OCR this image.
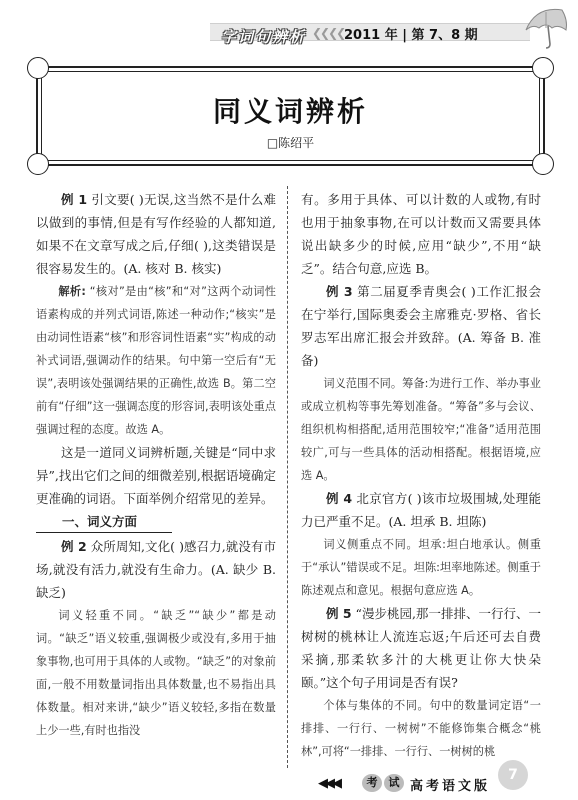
字词句辨析 ❮❮❮❮ 2011 年 | 第 7、8 期
同义词辨析
□陈绍平

例 1 引文要( )无误,这当然不是什么难以做到的事情,但是有写作经验的人都知道,如果不在文章写成之后,仔细( ),这类错误是很容易发生的。(A. 核对 B. 核实)

解析: “核对”是由“核”和“对”这两个动词性语素构成的并列式词语,陈述一种动作;“核实”是由动词性语素“核”和形容词性语素“实”构成的动补式词语,强调动作的结果。句中第一空后有“无误”,表明该处强调结果的正确性,故选 B。第二空前有“仔细”这一强调态度的形容词,表明该处重点强调过程的态度。故选 A。

这是一道同义词辨析题,关键是“同中求异”,找出它们之间的细微差别,根据语境确定更准确的词语。下面举例介绍常见的差异。

一、词义方面

例 2 众所周知,文化( )感召力,就没有市场,就没有活力,就没有生命力。(A. 缺少 B. 缺乏)

词义轻重不同。“缺乏”“缺少”都是动词。“缺乏”语义较重,强调极少或没有,多用于抽象事物,也可用于具体的人或物。“缺乏”的对象前面,一般不用数量词指出具体数量,也不易指出具体数量。相对来讲,“缺少”语义较轻,多指在数量上少一些,有时也指没

有。多用于具体、可以计数的人或物,有时也用于抽象事物,在可以计数而又需要具体说出缺多少的时候,应用“缺少”,不用“缺乏”。结合句意,应选 B。

例 3 第二届夏季青奥会( )工作汇报会在宁举行,国际奥委会主席雅克·罗格、省长罗志军出席汇报会并致辞。(A. 筹备 B. 准备)

词义范围不同。筹备:为进行工作、举办事业或成立机构等事先筹划准备。“筹备”多与会议、组织机构相搭配,适用范围较窄;“准备”适用范围较广,可与一些具体的活动相搭配。根据语境,应选 A。

例 4 北京官方( )该市垃圾围城,处理能力已严重不足。(A. 坦承 B. 坦陈)

词义侧重点不同。坦承:坦白地承认。侧重于“承认”错误或不足。坦陈:坦率地陈述。侧重于陈述观点和意见。根据句意应选 A。

例 5 “漫步桃园,那一排排、一行行、一树树的桃林让人流连忘返;午后还可去自费采摘,那柔软多汁的大桃更让你大快朵颐。”这个句子用词是否有误?

个体与集体的不同。句中的数量词定语“一排排、一行行、一树树”不能修饰集合概念“桃林”,可将“一排排、一行行、一树树的桃

◀◀◀	考	试 高考语文版
7
